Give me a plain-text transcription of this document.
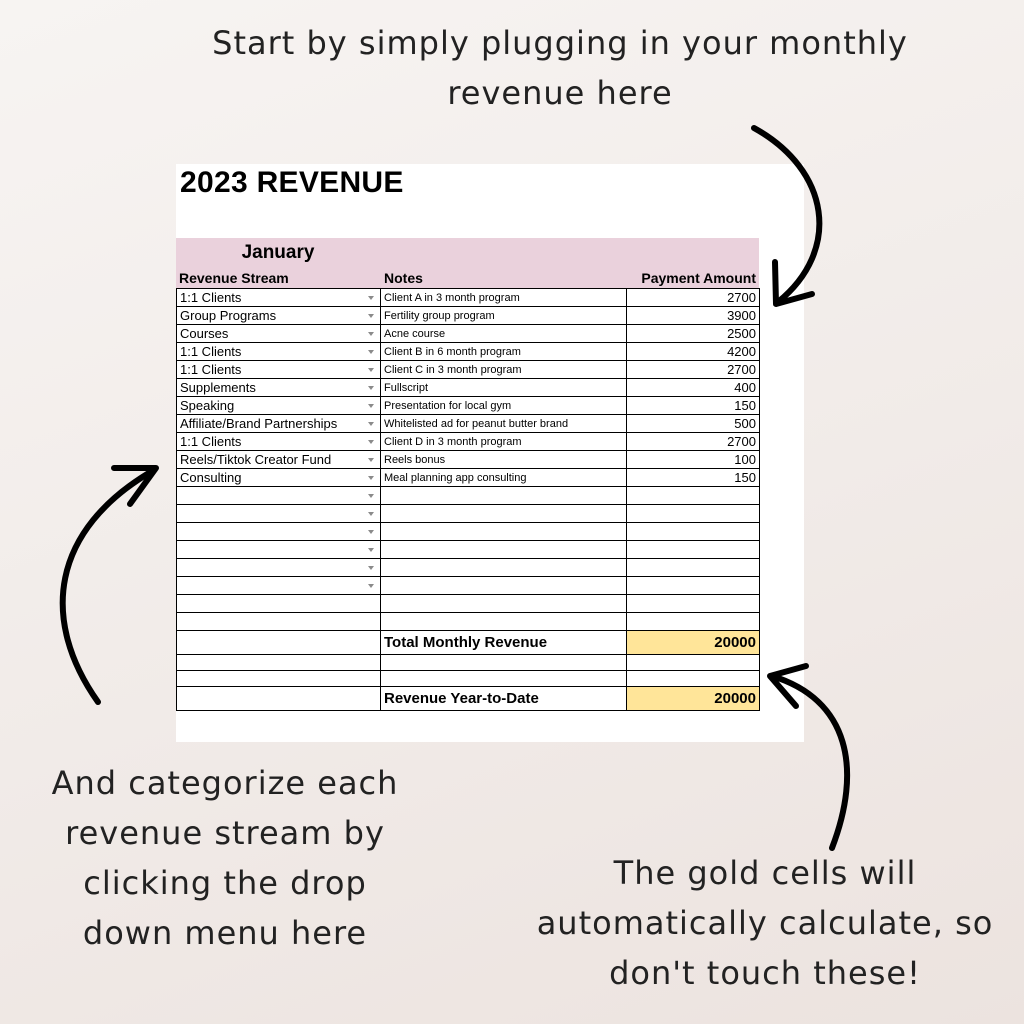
Start by simply plugging in your monthly
revenue here

And categorize each
revenue stream by
clicking the drop
down menu here

The gold cells will
automatically calculate, so
don't touch these!

2023 REVENUE
January
Revenue Stream	Notes	Payment Amount
1:1 Clients	Client A in 3 month program	2700
Group Programs	Fertility group program	3900
Courses	Acne course	2500
1:1 Clients	Client B in 6 month program	4200
1:1 Clients	Client C in 3 month program	2700
Supplements	Fullscript	400
Speaking	Presentation for local gym	150
Affiliate/Brand Partnerships	Whitelisted ad for peanut butter brand	500
1:1 Clients	Client D in 3 month program	2700
Reels/Tiktok Creator Fund	Reels bonus	100
Consulting	Meal planning app consulting	150

	Total Monthly Revenue	20000

	Revenue Year-to-Date	20000
